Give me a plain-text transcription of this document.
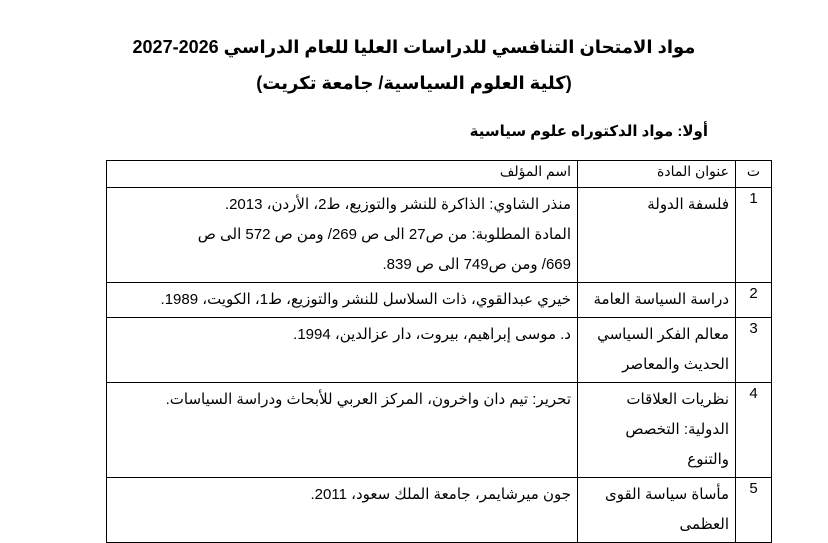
مواد الامتحان التنافسي للدراسات العليا للعام الدراسي 2026-2027
(كلية العلوم السياسية/ جامعة تكريت)
أولا: مواد الدكتوراه علوم سياسية
ت	عنوان المادة	اسم المؤلف
1	فلسفة الدولة	منذر الشاوي: الذاكرة للنشر والتوزيع، ط2، الأردن، 2013.
المادة المطلوبة: من ص27 الى ص 269/ ومن ص 572 الى ص
669/ ومن ص749 الى ص 839.
2	دراسة السياسة العامة	خيري عبدالقوي، ذات السلاسل للنشر والتوزيع، ط1، الكويت، 1989.
3	معالم الفكر السياسي الحديث والمعاصر	د. موسى إبراهيم، بيروت، دار عزالدين، 1994.
4	نظريات العلاقات الدولية: التخصص والتنوع	تحرير: تيم دان واخرون، المركز العربي للأبحاث ودراسة السياسات.
5	مأساة سياسة القوى العظمى	جون ميرشايمر، جامعة الملك سعود، 2011.
